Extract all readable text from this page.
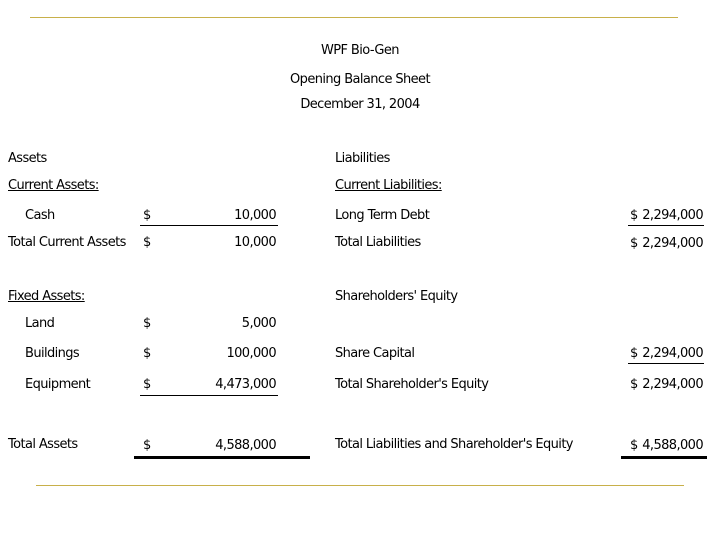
WPF Bio-Gen
Opening Balance Sheet
December 31, 2004
Assets
Current Assets:
Cash	$	10,000
Total Current Assets $	10,000
Fixed Assets:
Land	$	5,000
Buildings	$	100,000
Equipment	$	4,473,000
Total Assets	$	4,588,000
Liabilities
Current Liabilities:
Long Term Debt	$ 2,294,000
Total Liabilities	$ 2,294,000
Shareholders' Equity
Share Capital	$ 2,294,000
Total Shareholder's Equity	$ 2,294,000
Total Liabilities and Shareholder's Equity	$ 4,588,000
